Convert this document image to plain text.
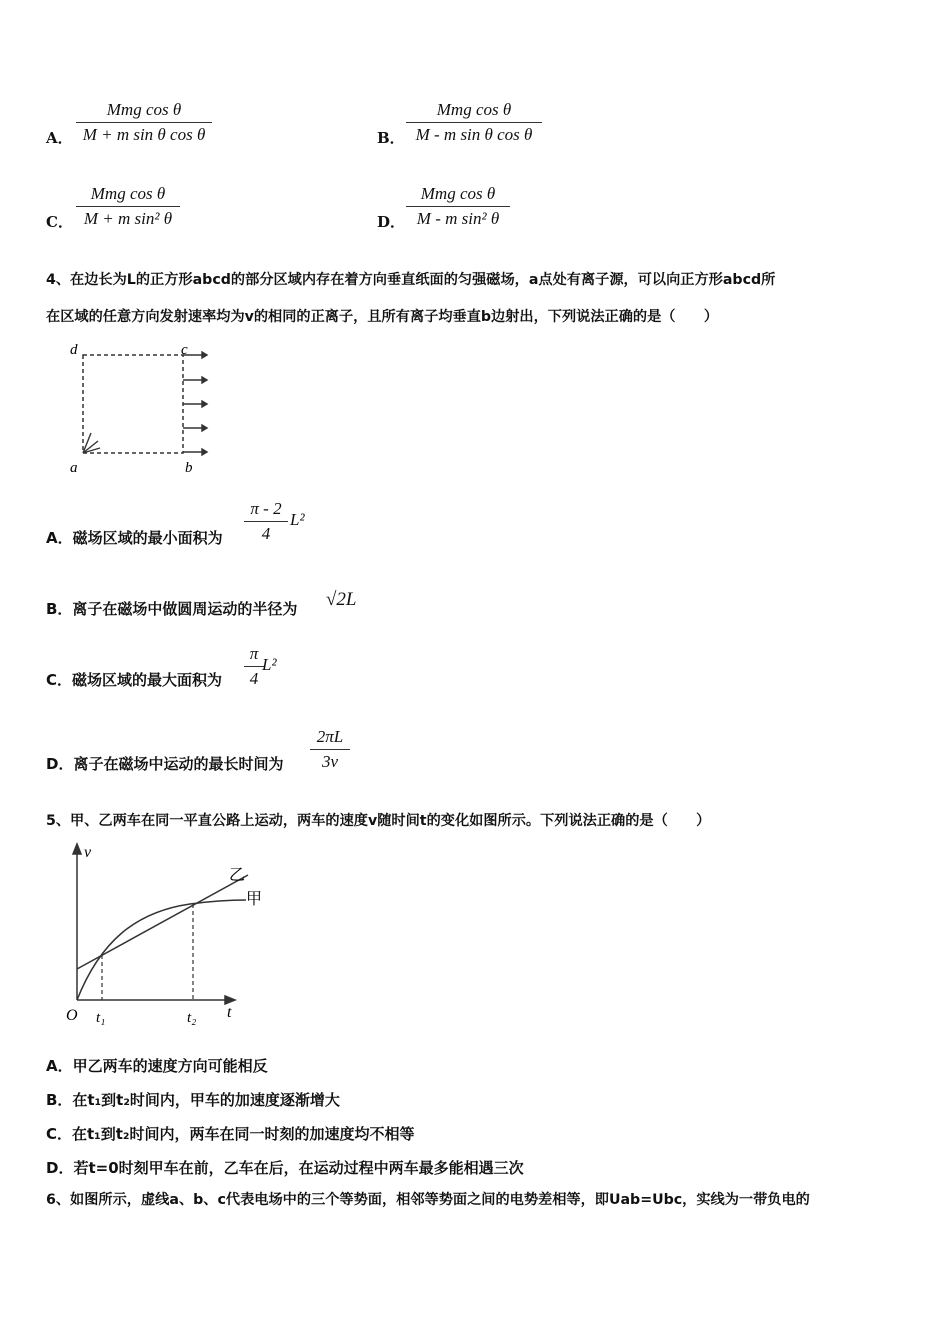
A．
Mmg cos θ
M + m sin θ cos θ	B．
Mmg cos θ
M - m sin θ cos θ
C．
Mmg cos θ
M + m sin² θ	D．
Mmg cos θ
M - m sin² θ
4、在边长为L的正方形abcd的部分区域内存在着方向垂直纸面的匀强磁场，a点处有离子源，可以向正方形abcd所
在区域的任意方向发射速率均为v的相同的正离子，且所有离子均垂直b边射出，下列说法正确的是（　　）
d	c
a	b
A．磁场区域的最小面积为
π - 2
4
L²
B．离子在磁场中做圆周运动的半径为 √2L
C．磁场区域的最大面积为
π
4
L²
D．离子在磁场中运动的最长时间为
2πL
3v
5、甲、乙两车在同一平直公路上运动，两车的速度v随时间t的变化如图所示。下列说法正确的是（　　）
v
t
O t₁	t₂
乙
甲
A．甲乙两车的速度方向可能相反
B．在t₁到t₂时间内，甲车的加速度逐渐增大
C．在t₁到t₂时间内，两车在同一时刻的加速度均不相等
D．若t=0时刻甲车在前，乙车在后，在运动过程中两车最多能相遇三次
6、如图所示，虚线a、b、c代表电场中的三个等势面，相邻等势面之间的电势差相等，即Uab=Ubc，实线为一带负电的
